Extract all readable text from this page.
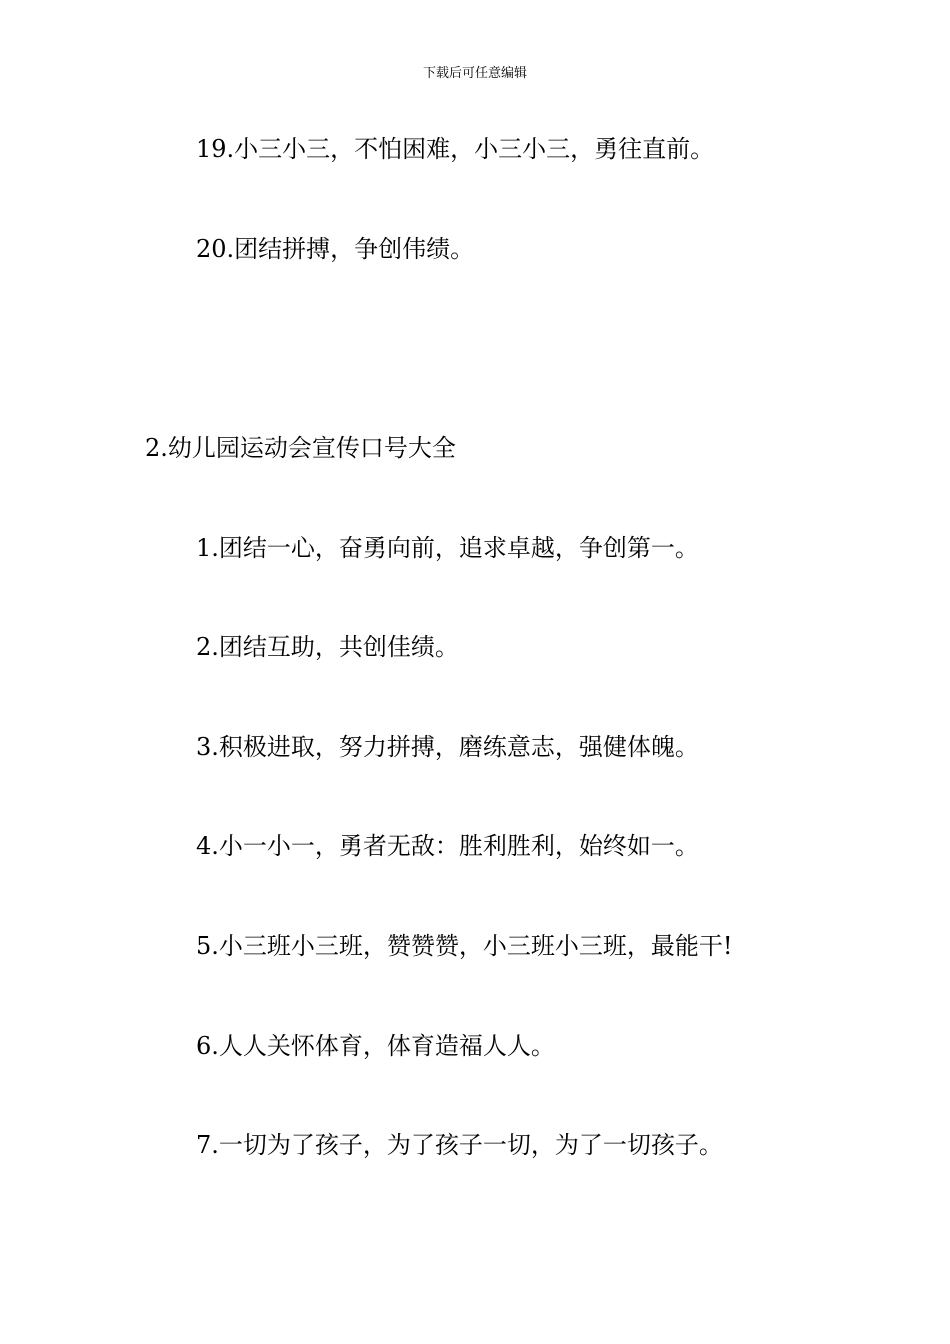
下载后可任意编辑
19.小三小三，不怕困难，小三小三，勇往直前。
20.团结拼搏，争创伟绩。
2.幼儿园运动会宣传口号大全
1.团结一心，奋勇向前，追求卓越，争创第一。
2.团结互助，共创佳绩。
3.积极进取，努力拼搏，磨练意志，强健体魄。
4.小一小一，勇者无敌：胜利胜利，始终如一。
5.小三班小三班，赞赞赞，小三班小三班，最能干!
6.人人关怀体育，体育造福人人。
7.一切为了孩子，为了孩子一切，为了一切孩子。
